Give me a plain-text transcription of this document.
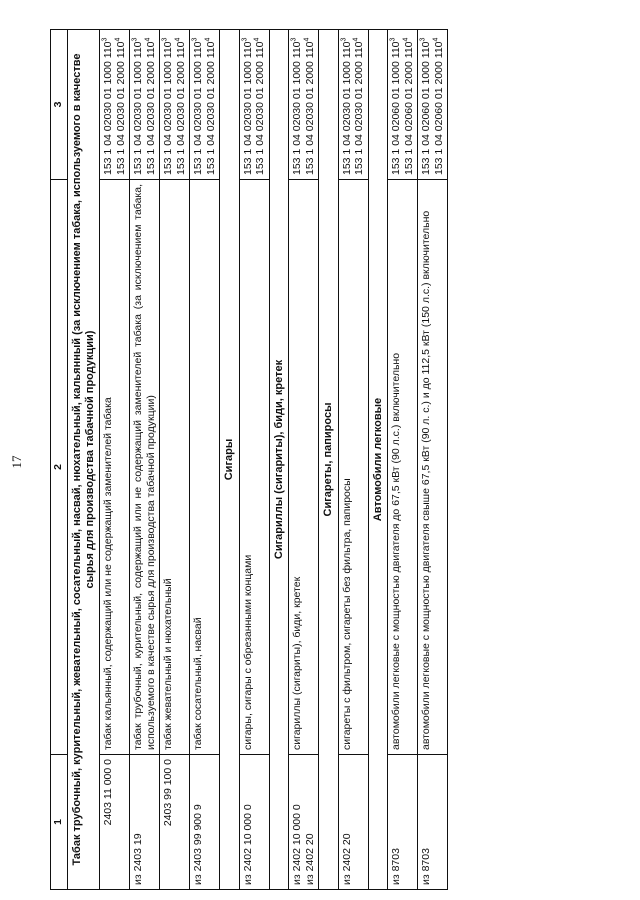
17
1	2	3
Табак трубочный, курительный, жевательный, сосательный, насвай, нюхательный, кальянный (за исключением табака, используемого в качестве сырья для производства табачной продукции)		
2403 11 000 0	табак кальянный, содержащий или не содержащий заменителей табака	153 1 04 02030 01 1000 $110^3$
153 1 04 02030 01 2000 $110^4$

из 2403 19	табак трубочный, курительный, содержащий или не содержащий заменителей табака (за исключением табака, используемого в качестве сырья для производства табачной продукции)	153 1 04 02030 01 1000 $110^3$
153 1 04 02030 01 2000 $110^4$

2403 99 100 0	табак жевательный и нюхательный	153 1 04 02030 01 1000 $110^3$
153 1 04 02030 01 2000 $110^4$

из 2403 99 900 9	табак сосательный, насвай	153 1 04 02030 01 1000 $110^3$
153 1 04 02030 01 2000 $110^4$

Сигары		
из 2402 10 000 0	сигары, сигары с обрезанными концами	153 1 04 02030 01 1000 $110^3$
153 1 04 02030 01 2000 $110^4$

Сигариллы (сигариты), биди, кретек		
из 2402 10 000 0
из 2402 20	сигариллы (сигариты), биди, кретек	153 1 04 02030 01 1000 $110^3$
153 1 04 02030 01 2000 $110^4$

Сигареты, папиросы		
из 2402 20	сигареты с фильтром, сигареты без фильтра, папиросы	153 1 04 02030 01 1000 $110^3$
153 1 04 02030 01 2000 $110^4$

Автомобили легковые		
из 8703	автомобили легковые с мощностью двигателя до 67,5 кВт (90 л.с.) включительно	153 1 04 02060 01 1000 $110^3$
153 1 04 02060 01 2000 $110^4$

из 8703	автомобили легковые с мощностью двигателя свыше 67,5 кВт (90 л. с.) и до 112,5 кВт (150 л.с.) включительно	153 1 04 02060 01 1000 $110^3$
153 1 04 02060 01 2000 $110^4$
